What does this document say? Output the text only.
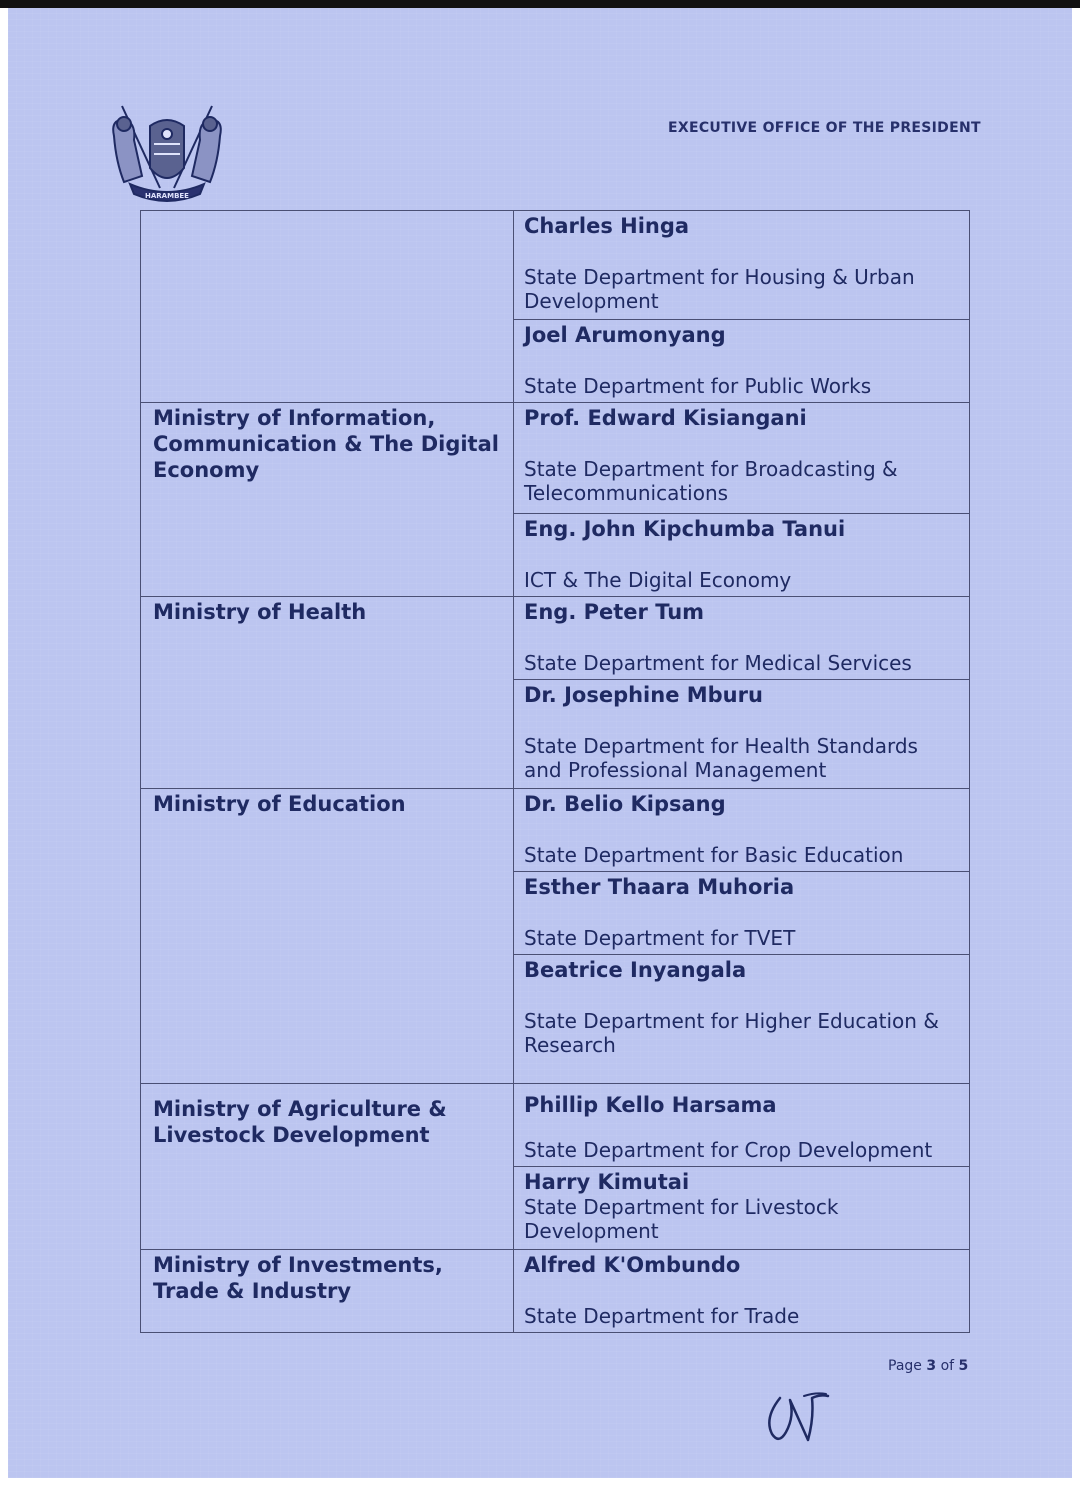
HARAMBEE
EXECUTIVE OFFICE OF THE PRESIDENT

	Charles Hinga
State Department for Housing & Urban Development

	Joel Arumonyang
State Department for Public Works

Ministry of Information, Communication & The Digital Economy	Prof. Edward Kisiangani
State Department for Broadcasting & Telecommunications

	Eng. John Kipchumba Tanui
ICT & The Digital Economy

Ministry of Health	Eng. Peter Tum
State Department for Medical Services

	Dr. Josephine Mburu
State Department for Health Standards and Professional Management

Ministry of Education	Dr. Belio Kipsang
State Department for Basic Education

	Esther Thaara Muhoria
State Department for TVET

	Beatrice Inyangala
State Department for Higher Education & Research

Ministry of Agriculture & Livestock Development	Phillip Kello Harsama
State Department for Crop Development

	Harry Kimutai
State Department for Livestock Development

Ministry of Investments, Trade & Industry	Alfred K'Ombundo
State Department for Trade
Page 3 of 5
